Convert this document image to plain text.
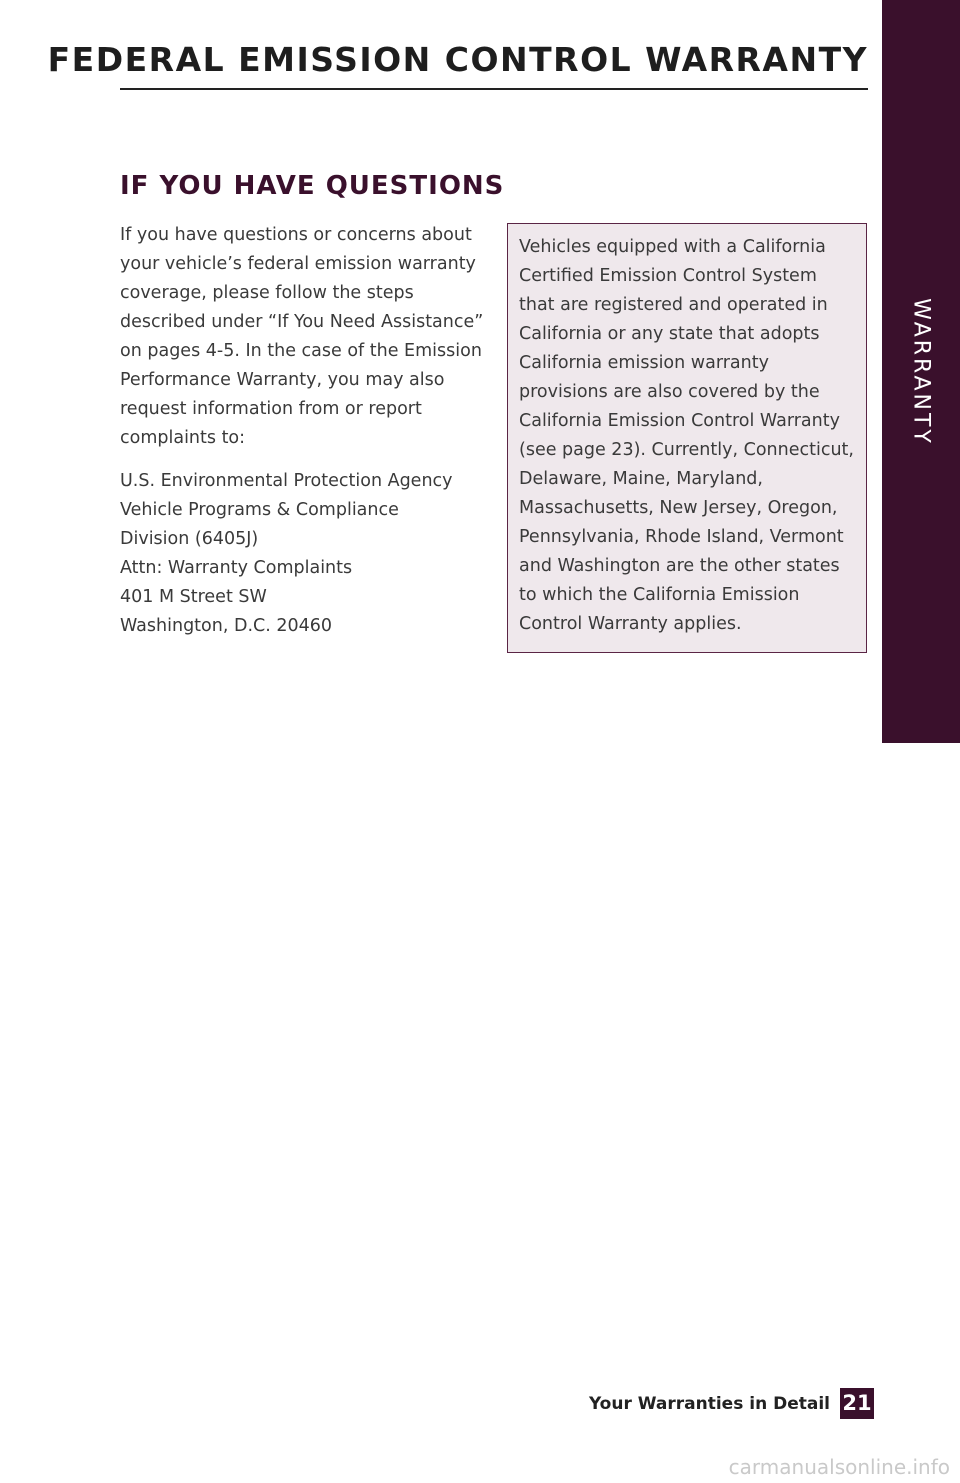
FEDERAL EMISSION CONTROL WARRANTY
WARRANTY
IF YOU HAVE QUESTIONS

If you have questions or concerns about your vehicle’s federal emission warranty coverage, please follow the steps described under “If You Need Assistance” on pages 4-5. In the case of the Emission Performance Warranty, you may also request information from or report complaints to:

U.S. Environmental Protection Agency
Vehicle Programs & Compliance
Division (6405J)
Attn: Warranty Complaints
401 M Street SW
Washington, D.C. 20460

Vehicles equipped with a California Certified Emission Control System that are registered and operated in California or any state that adopts California emission warranty provisions are also covered by the California Emission Control Warranty (see page 23). Currently, Connecticut, Delaware, Maine, Maryland, Massachusetts, New Jersey, Oregon, Pennsylvania, Rhode Island, Vermont and Washington are the other states to which the California Emission Control Warranty applies.

Your Warranties in Detail 21
carmanualsonline.info
